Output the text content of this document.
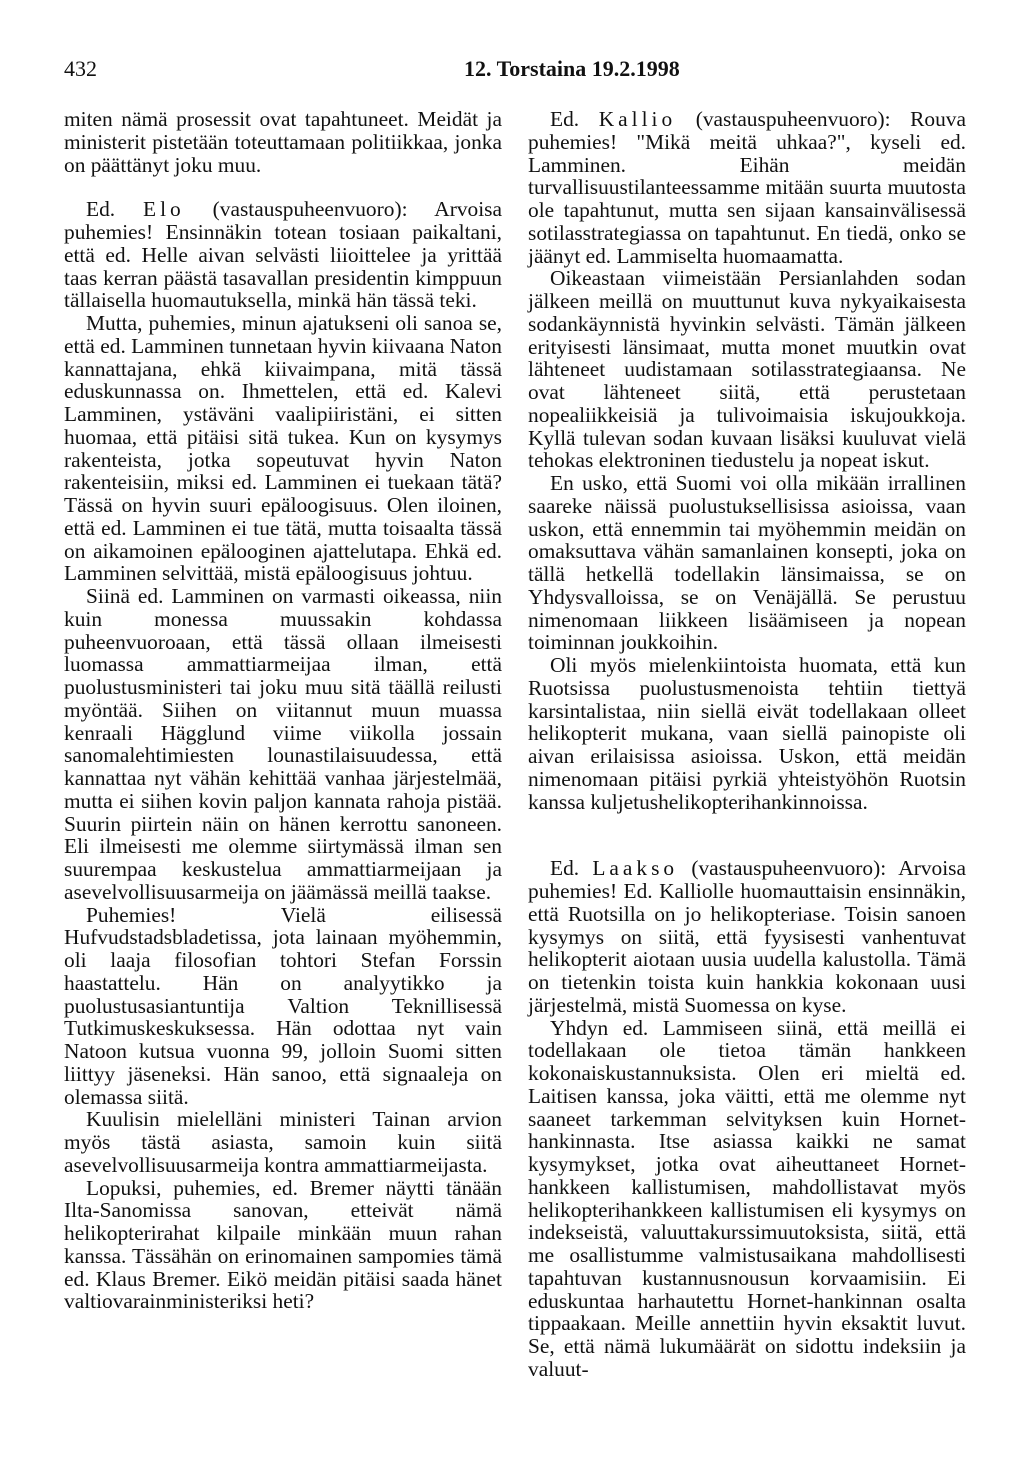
432	12. Torstaina 19.2.1998

miten nämä prosessit ovat tapahtuneet. Meidät ja ministerit pistetään toteuttamaan politiikkaa, jonka on päättänyt joku muu.

Ed. Elo (vastauspuheenvuoro): Arvoisa puhemies! Ensinnäkin totean tosiaan paikaltani, että ed. Helle aivan selvästi liioittelee ja yrittää taas kerran päästä tasavallan presidentin kimppuun tällaisella huomautuksella, minkä hän tässä teki.

Mutta, puhemies, minun ajatukseni oli sanoa se, että ed. Lamminen tunnetaan hyvin kiivaana Naton kannattajana, ehkä kiivaimpana, mitä tässä eduskunnassa on. Ihmettelen, että ed. Kalevi Lamminen, ystäväni vaalipiiristäni, ei sitten huomaa, että pitäisi sitä tukea. Kun on kysymys rakenteista, jotka sopeutuvat hyvin Naton rakenteisiin, miksi ed. Lamminen ei tuekaan tätä? Tässä on hyvin suuri epäloogisuus. Olen iloinen, että ed. Lamminen ei tue tätä, mutta toisaalta tässä on aikamoinen epälooginen ajattelutapa. Ehkä ed. Lamminen selvittää, mistä epäloogisuus johtuu.

Siinä ed. Lamminen on varmasti oikeassa, niin kuin monessa muussakin kohdassa puheenvuoroaan, että tässä ollaan ilmeisesti luomassa ammattiarmeijaa ilman, että puolustusministeri tai joku muu sitä täällä reilusti myöntää. Siihen on viitannut muun muassa kenraali Hägglund viime viikolla jossain sanomalehtimiesten lounastilaisuudessa, että kannattaa nyt vähän kehittää vanhaa järjestelmää, mutta ei siihen kovin paljon kannata rahoja pistää. Suurin piirtein näin on hänen kerrottu sanoneen. Eli ilmeisesti me olemme siirtymässä ilman sen suurempaa keskustelua ammattiarmeijaan ja asevelvollisuusarmeija on jäämässä meillä taakse.

Puhemies! Vielä eilisessä Hufvudstadsbladetissa, jota lainaan myöhemmin, oli laaja filosofian tohtori Stefan Forssin haastattelu. Hän on analyytikko ja puolustusasiantuntija Valtion Teknillisessä Tutkimuskeskuksessa. Hän odottaa nyt vain Natoon kutsua vuonna 99, jolloin Suomi sitten liittyy jäseneksi. Hän sanoo, että signaaleja on olemassa siitä.

Kuulisin mielelläni ministeri Tainan arvion myös tästä asiasta, samoin kuin siitä asevelvollisuusarmeija kontra ammattiarmeijasta.

Lopuksi, puhemies, ed. Bremer näytti tänään Ilta-Sanomissa sanovan, etteivät nämä helikopterirahat kilpaile minkään muun rahan kanssa. Tässähän on erinomainen sampomies tämä ed. Klaus Bremer. Eikö meidän pitäisi saada hänet valtiovarainministeriksi heti?

Ed. Kallio (vastauspuheenvuoro): Rouva puhemies! "Mikä meitä uhkaa?", kyseli ed. Lamminen. Eihän meidän turvallisuustilanteessamme mitään suurta muutosta ole tapahtunut, mutta sen sijaan kansainvälisessä sotilasstrategiassa on tapahtunut. En tiedä, onko se jäänyt ed. Lammiselta huomaamatta.

Oikeastaan viimeistään Persianlahden sodan jälkeen meillä on muuttunut kuva nykyaikaisesta sodankäynnistä hyvinkin selvästi. Tämän jälkeen erityisesti länsimaat, mutta monet muutkin ovat lähteneet uudistamaan sotilasstrategiaansa. Ne ovat lähteneet siitä, että perustetaan nopealiikkeisiä ja tulivoimaisia iskujoukkoja. Kyllä tulevan sodan kuvaan lisäksi kuuluvat vielä tehokas elektroninen tiedustelu ja nopeat iskut.

En usko, että Suomi voi olla mikään irrallinen saareke näissä puolustuksellisissa asioissa, vaan uskon, että ennemmin tai myöhemmin meidän on omaksuttava vähän samanlainen konsepti, joka on tällä hetkellä todellakin länsimaissa, se on Yhdysvalloissa, se on Venäjällä. Se perustuu nimenomaan liikkeen lisäämiseen ja nopean toiminnan joukkoihin.

Oli myös mielenkiintoista huomata, että kun Ruotsissa puolustusmenoista tehtiin tiettyä karsintalistaa, niin siellä eivät todellakaan olleet helikopterit mukana, vaan siellä painopiste oli aivan erilaisissa asioissa. Uskon, että meidän nimenomaan pitäisi pyrkiä yhteistyöhön Ruotsin kanssa kuljetushelikopterihankinnoissa.

Ed. Laakso (vastauspuheenvuoro): Arvoisa puhemies! Ed. Kalliolle huomauttaisin ensinnäkin, että Ruotsilla on jo helikopteriase. Toisin sanoen kysymys on siitä, että fyysisesti vanhentuvat helikopterit aiotaan uusia uudella kalustolla. Tämä on tietenkin toista kuin hankkia kokonaan uusi järjestelmä, mistä Suomessa on kyse.

Yhdyn ed. Lammiseen siinä, että meillä ei todellakaan ole tietoa tämän hankkeen kokonaiskustannuksista. Olen eri mieltä ed. Laitisen kanssa, joka väitti, että me olemme nyt saaneet tarkemman selvityksen kuin Hornet-hankinnasta. Itse asiassa kaikki ne samat kysymykset, jotka ovat aiheuttaneet Hornet-hankkeen kallistumisen, mahdollistavat myös helikopterihankkeen kallistumisen eli kysymys on indekseistä, valuuttakurssimuutoksista, siitä, että me osallistumme valmistusaikana mahdollisesti tapahtuvan kustannusnousun korvaamisiin. Ei eduskuntaa harhautettu Hornet-hankinnan osalta tippaakaan. Meille annettiin hyvin eksaktit luvut. Se, että nämä lukumäärät on sidottu indeksiin ja valuut-
